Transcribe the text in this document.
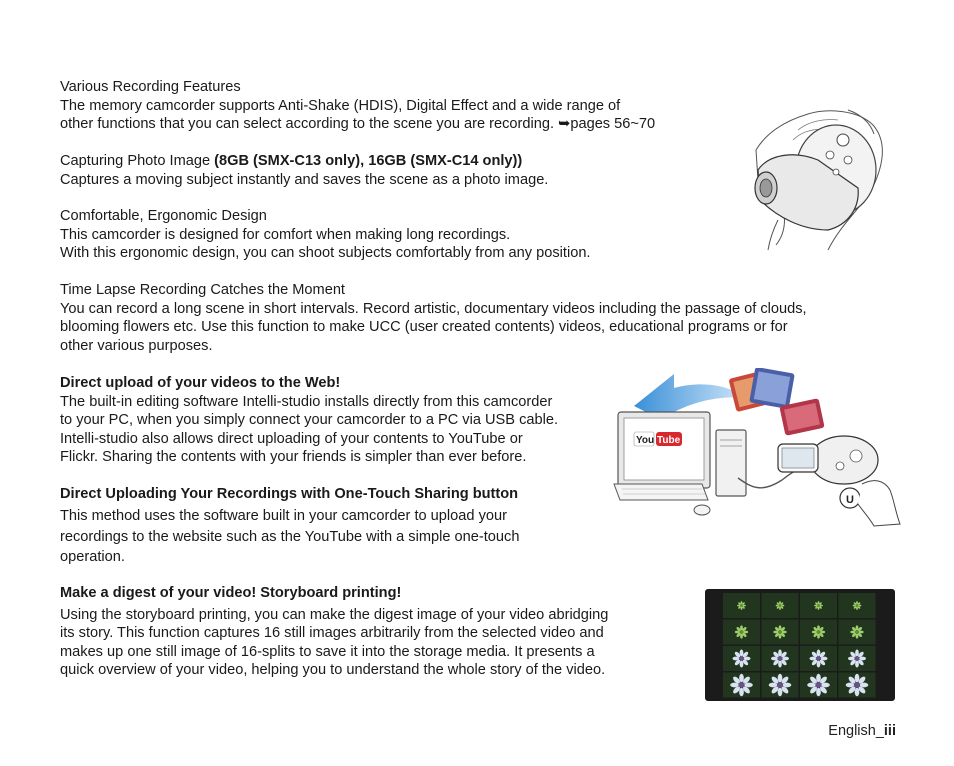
Various Recording Features

The memory camcorder supports Anti-Shake (HDIS), Digital Effect and a wide range of

other functions that you can select according to the scene you are recording. ➥pages 56~70

Capturing Photo Image (8GB (SMX-C13 only), 16GB (SMX-C14 only))

Captures a moving subject instantly and saves the scene as a photo image.

Comfortable, Ergonomic Design

This camcorder is designed for comfort when making long recordings.

With this ergonomic design, you can shoot subjects comfortably from any position.

Time Lapse Recording Catches the Moment

You can record a long scene in short intervals. Record artistic, documentary videos including the passage of clouds,

blooming flowers etc. Use this function to make UCC (user created contents) videos, educational programs or for

other various purposes.

Direct upload of your videos to the Web!

The built-in editing software Intelli-studio installs directly from this camcorder

to your PC, when you simply connect your camcorder to a PC via USB cable.

Intelli-studio also allows direct uploading of your contents to YouTube or

Flickr. Sharing the contents with your friends is simpler than ever before.

Direct Uploading Your Recordings with One-Touch Sharing button

This method uses the software built in your camcorder to upload your

recordings to the website such as the YouTube with a simple one-touch

operation.

Make a digest of your video! Storyboard printing!

Using the storyboard printing, you can make the digest image of your video abridging

its story. This function captures 16 still images arbitrarily from the selected video and

makes up one still image of 16-splits to save it into the storage media. It presents a

quick overview of your video, helping you to understand the whole story of the video.

You Tube
U
English_iii
